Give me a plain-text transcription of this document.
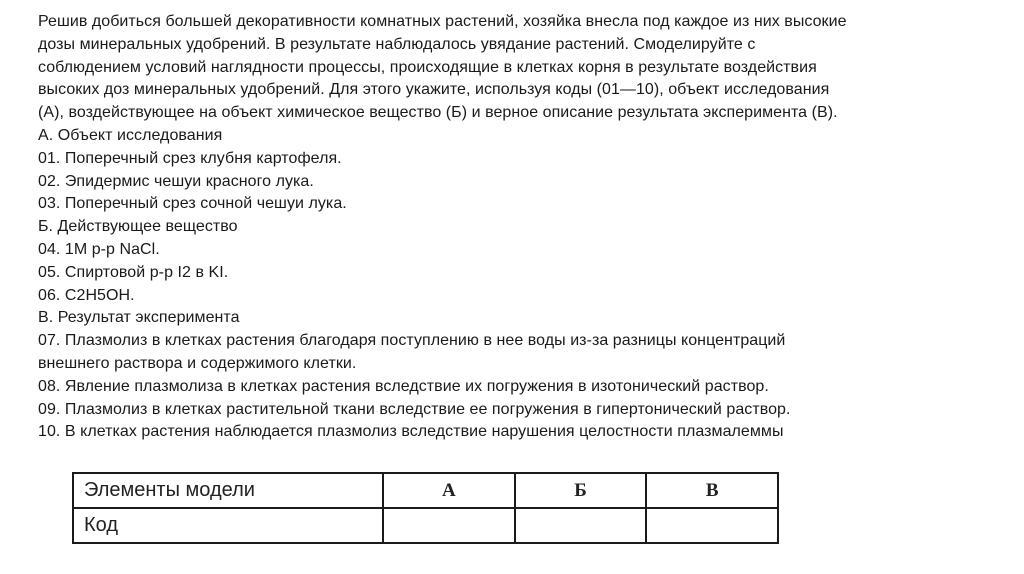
Решив добиться большей декоративности комнатных растений, хозяйка внесла под каждое из них высокие
дозы минеральных удобрений. В результате наблюдалось увядание растений. Смоделируйте с
соблюдением условий наглядности процессы, происходящие в клетках корня в результате воздействия
высоких доз минеральных удобрений. Для этого укажите, используя коды (01—10), объект исследования
(А), воздействующее на объект химическое вещество (Б) и верное описание результата эксперимента (В).
А. Объект исследования
01. Поперечный срез клубня картофеля.
02. Эпидермис чешуи красного лука.
03. Поперечный срез сочной чешуи лука.
Б. Действующее вещество
04. 1М р-р NaCl.
05. Спиртовой р-р I2 в KI.
06. C2H5OH.
В. Результат эксперимента
07. Плазмолиз в клетках растения благодаря поступлению в нее воды из-за разницы концентраций
внешнего раствора и содержимого клетки.
08. Явление плазмолиза в клетках растения вследствие их погружения в изотонический раствор.
09. Плазмолиз в клетках растительной ткани вследствие ее погружения в гипертонический раствор.
10. В клетках растения наблюдается плазмолиз вследствие нарушения целостности плазмалеммы
Элементы модели	А	Б	В
Код			
